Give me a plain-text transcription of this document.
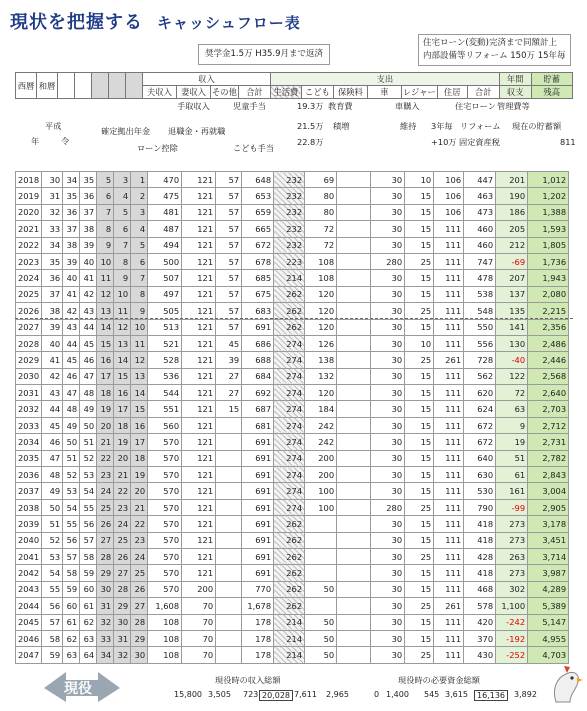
現状を把握する キャッシュフロー表
奨学金1.5万 H35.9月まで返済
住宅ローン(変動)完済まで同額計上
内部設備等リフォーム 150万 15年毎
西暦	和暦						収入				支出							年間	貯蓄
							夫収入	妻収入	その他	合計	生活費	こども	保険料	車	レジャー	住居	合計	収支	残高
手取収入	児童手当	19.3万 教育費	車購入	住宅ローン 管理費等
平成	確定拠出年金 退職金・再就職	21.5万 積増	維持 3年毎 リフォーム 現在の貯蓄額
ローン控除	こども手当
22.8万	+10万 固定資産税	811
年	令
2018	30	34	35	5	3	1	470	121	57	648	232	69		30	10	106	447	201	1,012
2019	31	35	36	6	4	2	475	121	57	653	232	80		30	15	106	463	190	1,202
2020	32	36	37	7	5	3	481	121	57	659	232	80		30	15	106	473	186	1,388
2021	33	37	38	8	6	4	487	121	57	665	232	72		30	15	111	460	205	1,593
2022	34	38	39	9	7	5	494	121	57	672	232	72		30	15	111	460	212	1,805
2023	35	39	40	10	8	6	500	121	57	678	223	108		280	25	111	747	-69	1,736
2024	36	40	41	11	9	7	507	121	57	685	214	108		30	15	111	478	207	1,943
2025	37	41	42	12	10	8	497	121	57	675	262	120		30	15	111	538	137	2,080
2026	38	42	43	13	11	9	505	121	57	683	262	120		30	25	111	548	135	2,215
2027	39	43	44	14	12	10	513	121	57	691	262	120		30	15	111	550	141	2,356
2028	40	44	45	15	13	11	521	121	45	686	274	126		30	10	111	556	130	2,486
2029	41	45	46	16	14	12	528	121	39	688	274	138		30	25	261	728	-40	2,446
2030	42	46	47	17	15	13	536	121	27	684	274	132		30	15	111	562	122	2,568
2031	43	47	48	18	16	14	544	121	27	692	274	120		30	15	111	620	72	2,640
2032	44	48	49	19	17	15	551	121	15	687	274	184		30	15	111	624	63	2,703
2033	45	49	50	20	18	16	560	121		681	274	242		30	15	111	672	9	2,712
2034	46	50	51	21	19	17	570	121		691	274	242		30	15	111	672	19	2,731
2035	47	51	52	22	20	18	570	121		691	274	200		30	15	111	640	51	2,782
2036	48	52	53	23	21	19	570	121		691	274	200		30	15	111	630	61	2,843
2037	49	53	54	24	22	20	570	121		691	274	100		30	15	111	530	161	3,004
2038	50	54	55	25	23	21	570	121		691	274	100		280	25	111	790	-99	2,905
2039	51	55	56	26	24	22	570	121		691	262			30	15	111	418	273	3,178
2040	52	56	57	27	25	23	570	121		691	262			30	15	111	418	273	3,451
2041	53	57	58	28	26	24	570	121		691	262			30	25	111	428	263	3,714
2042	54	58	59	29	27	25	570	121		691	262			30	15	111	418	273	3,987
2043	55	59	60	30	28	26	570	200		770	262	50		30	15	111	468	302	4,289
2044	56	60	61	31	29	27	1,608	70		1,678	262			30	25	261	578	1,100	5,389
2045	57	61	62	32	30	28	108	70		178	214	50		30	15	111	420	-242	5,147
2046	58	62	63	33	31	29	108	70		178	214	50		30	15	111	370	-192	4,955
2047	59	63	64	34	32	30	108	70		178	214	50		30	25	111	430	-252	4,703
現役
現役時の収入総額	現役時の必要資金総額
15,800 3,505 723 20,028 7,611 2,965	0 1,400 545 3,615	16,136	3,892
